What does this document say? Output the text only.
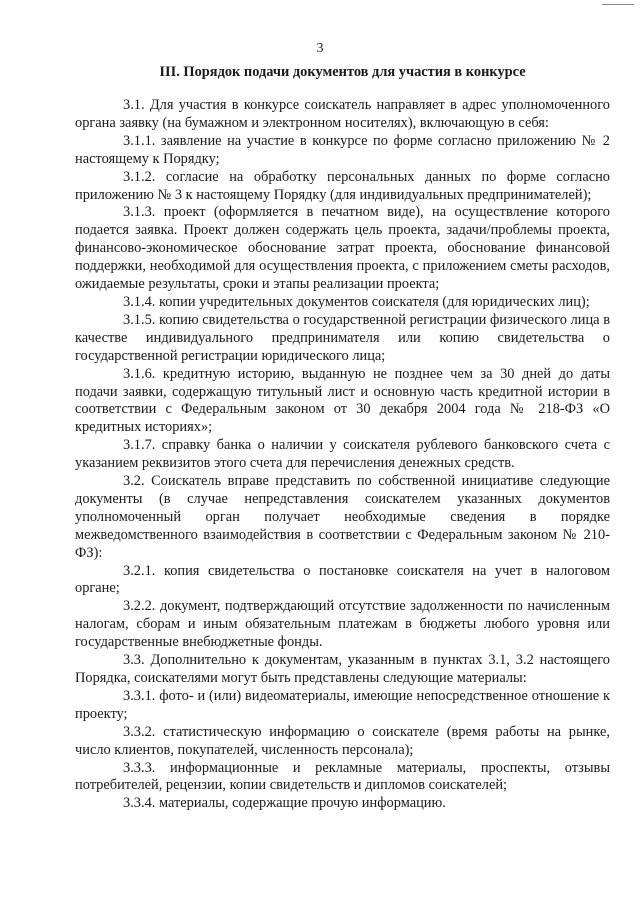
3
III. Порядок подачи документов для участия в конкурсе

3.1. Для участия в конкурсе соискатель направляет в адрес уполномоченного органа заявку (на бумажном и электронном носителях), включающую в себя:

3.1.1. заявление на участие в конкурсе по форме согласно приложению № 2 настоящему к Порядку;

3.1.2. согласие на обработку персональных данных по форме согласно приложению № 3 к настоящему Порядку (для индивидуальных предпринимателей);

3.1.3. проект (оформляется в печатном виде), на осуществление которого подается заявка. Проект должен содержать цель проекта, задачи/проблемы проекта, финансово-экономическое обоснование затрат проекта, обоснование финансовой поддержки, необходимой для осуществления проекта, с приложением сметы расходов, ожидаемые результаты, сроки и этапы реализации проекта;

3.1.4. копии учредительных документов соискателя (для юридических лиц);

3.1.5. копию свидетельства о государственной регистрации физического лица в качестве индивидуального предпринимателя или копию свидетельства о государственной регистрации юридического лица;

3.1.6. кредитную историю, выданную не позднее чем за 30 дней до даты подачи заявки, содержащую титульный лист и основную часть кредитной истории в соответствии с Федеральным законом от 30 декабря 2004 года № 218-ФЗ «О кредитных историях»;

3.1.7. справку банка о наличии у соискателя рублевого банковского счета с указанием реквизитов этого счета для перечисления денежных средств.

3.2. Соискатель вправе представить по собственной инициативе следующие документы (в случае непредставления соискателем указанных документов уполномоченный орган получает необходимые сведения в порядке межведомственного взаимодействия в соответствии с Федеральным законом № 210-ФЗ):

3.2.1. копия свидетельства о постановке соискателя на учет в налоговом органе;

3.2.2. документ, подтверждающий отсутствие задолженности по начисленным налогам, сборам и иным обязательным платежам в бюджеты любого уровня или государственные внебюджетные фонды.

3.3. Дополнительно к документам, указанным в пунктах 3.1, 3.2 настоящего Порядка, соискателями могут быть представлены следующие материалы:

3.3.1. фото- и (или) видеоматериалы, имеющие непосредственное отношение к проекту;

3.3.2. статистическую информацию о соискателе (время работы на рынке, число клиентов, покупателей, численность персонала);

3.3.3. информационные и рекламные материалы, проспекты, отзывы потребителей, рецензии, копии свидетельств и дипломов соискателей;

3.3.4. материалы, содержащие прочую информацию.
